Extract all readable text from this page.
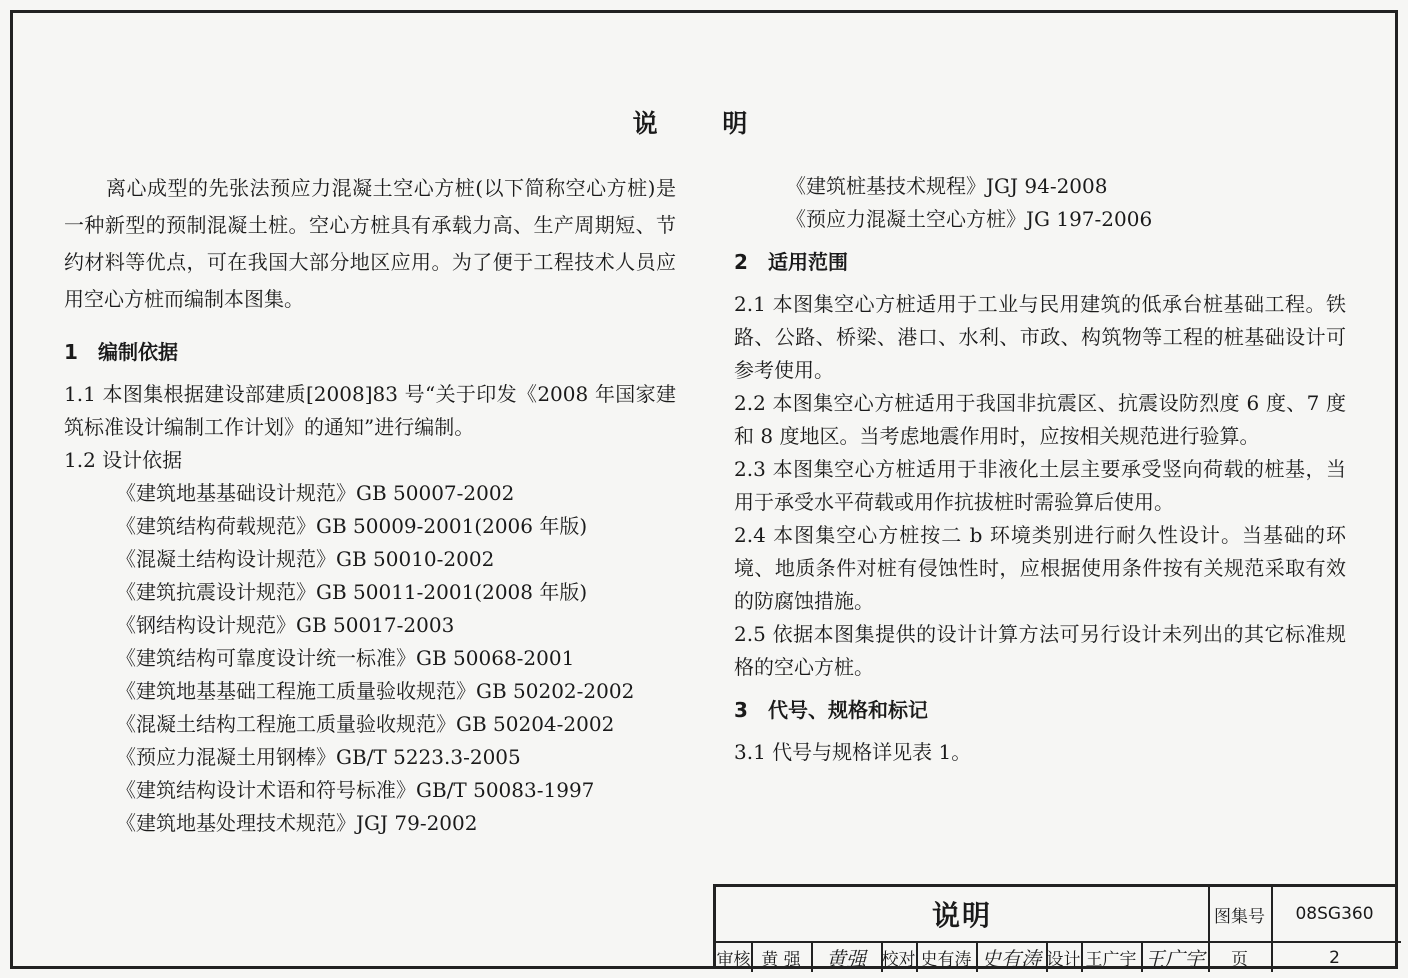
说 明
离心成型的先张法预应力混凝土空心方桩(以下简称空心方桩)是一种新型的预制混凝土桩。空心方桩具有承载力高、生产周期短、节约材料等优点，可在我国大部分地区应用。为了便于工程技术人员应用空心方桩而编制本图集。
1 编制依据
1.1 本图集根据建设部建质[2008]83 号“关于印发《2008 年国家建筑标准设计编制工作计划》的通知”进行编制。
1.2 设计依据
《建筑地基基础设计规范》GB 50007-2002
《建筑结构荷载规范》GB 50009-2001(2006 年版)
《混凝土结构设计规范》GB 50010-2002
《建筑抗震设计规范》GB 50011-2001(2008 年版)
《钢结构设计规范》GB 50017-2003
《建筑结构可靠度设计统一标准》GB 50068-2001
《建筑地基基础工程施工质量验收规范》GB 50202-2002
《混凝土结构工程施工质量验收规范》GB 50204-2002
《预应力混凝土用钢棒》GB/T 5223.3-2005
《建筑结构设计术语和符号标准》GB/T 50083-1997
《建筑地基处理技术规范》JGJ 79-2002
《建筑桩基技术规程》JGJ 94-2008
《预应力混凝土空心方桩》JG 197-2006
2 适用范围
2.1 本图集空心方桩适用于工业与民用建筑的低承台桩基础工程。铁路、公路、桥梁、港口、水利、市政、构筑物等工程的桩基础设计可参考使用。
2.2 本图集空心方桩适用于我国非抗震区、抗震设防烈度 6 度、7 度和 8 度地区。当考虑地震作用时，应按相关规范进行验算。
2.3 本图集空心方桩适用于非液化土层主要承受竖向荷载的桩基，当用于承受水平荷载或用作抗拔桩时需验算后使用。
2.4 本图集空心方桩按二 b 环境类别进行耐久性设计。当基础的环境、地质条件对桩有侵蚀性时，应根据使用条件按有关规范采取有效的防腐蚀措施。
2.5 依据本图集提供的设计计算方法可另行设计未列出的其它标准规格的空心方桩。
3 代号、规格和标记
3.1 代号与规格详见表 1。
说明	图集号	08SG360
审核 黄 强	黄强 校对 史有涛 史有涛 设计 王广宇 王广宇	页	2
